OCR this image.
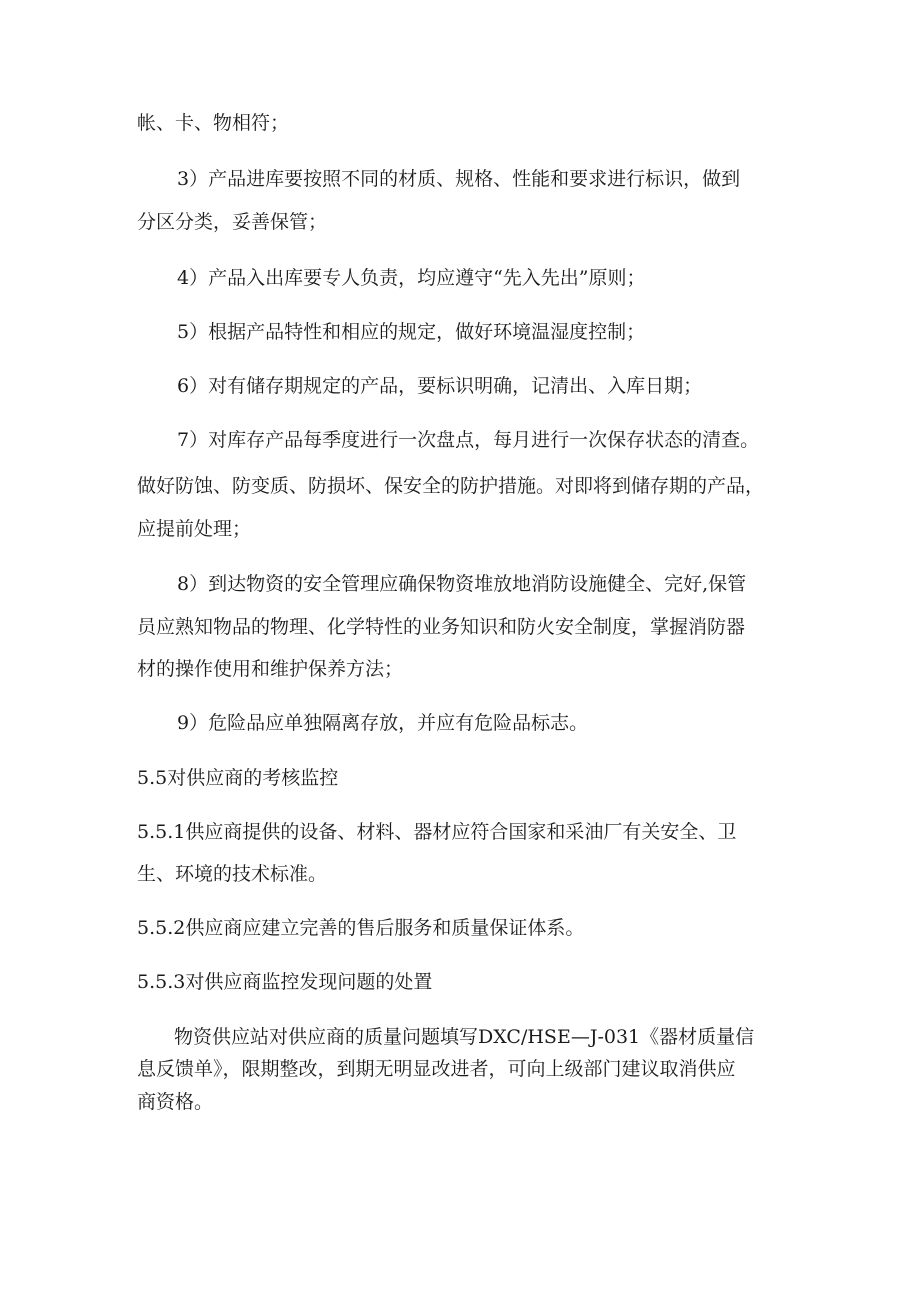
帐、卡、物相符；

3）产品进库要按照不同的材质、规格、性能和要求进行标识，做到

分区分类，妥善保管；

4）产品入出库要专人负责，均应遵守“先入先出”原则；

5）根据产品特性和相应的规定，做好环境温湿度控制；

6）对有储存期规定的产品，要标识明确，记清出、入库日期；

7）对库存产品每季度进行一次盘点，每月进行一次保存状态的清查。

做好防蚀、防变质、防损坏、保安全的防护措施。对即将到储存期的产品，

应提前处理；

8）到达物资的安全管理应确保物资堆放地消防设施健全、完好,保管

员应熟知物品的物理、化学特性的业务知识和防火安全制度，掌握消防器

材的操作使用和维护保养方法；

9）危险品应单独隔离存放，并应有危险品标志。

5.5对供应商的考核监控

5.5.1供应商提供的设备、材料、器材应符合国家和采油厂有关安全、卫

生、环境的技术标准。

5.5.2供应商应建立完善的售后服务和质量保证体系。

5.5.3对供应商监控发现问题的处置

物资供应站对供应商的质量问题填写DXC/HSE—J-031《器材质量信

息反馈单》，限期整改，到期无明显改进者，可向上级部门建议取消供应

商资格。
